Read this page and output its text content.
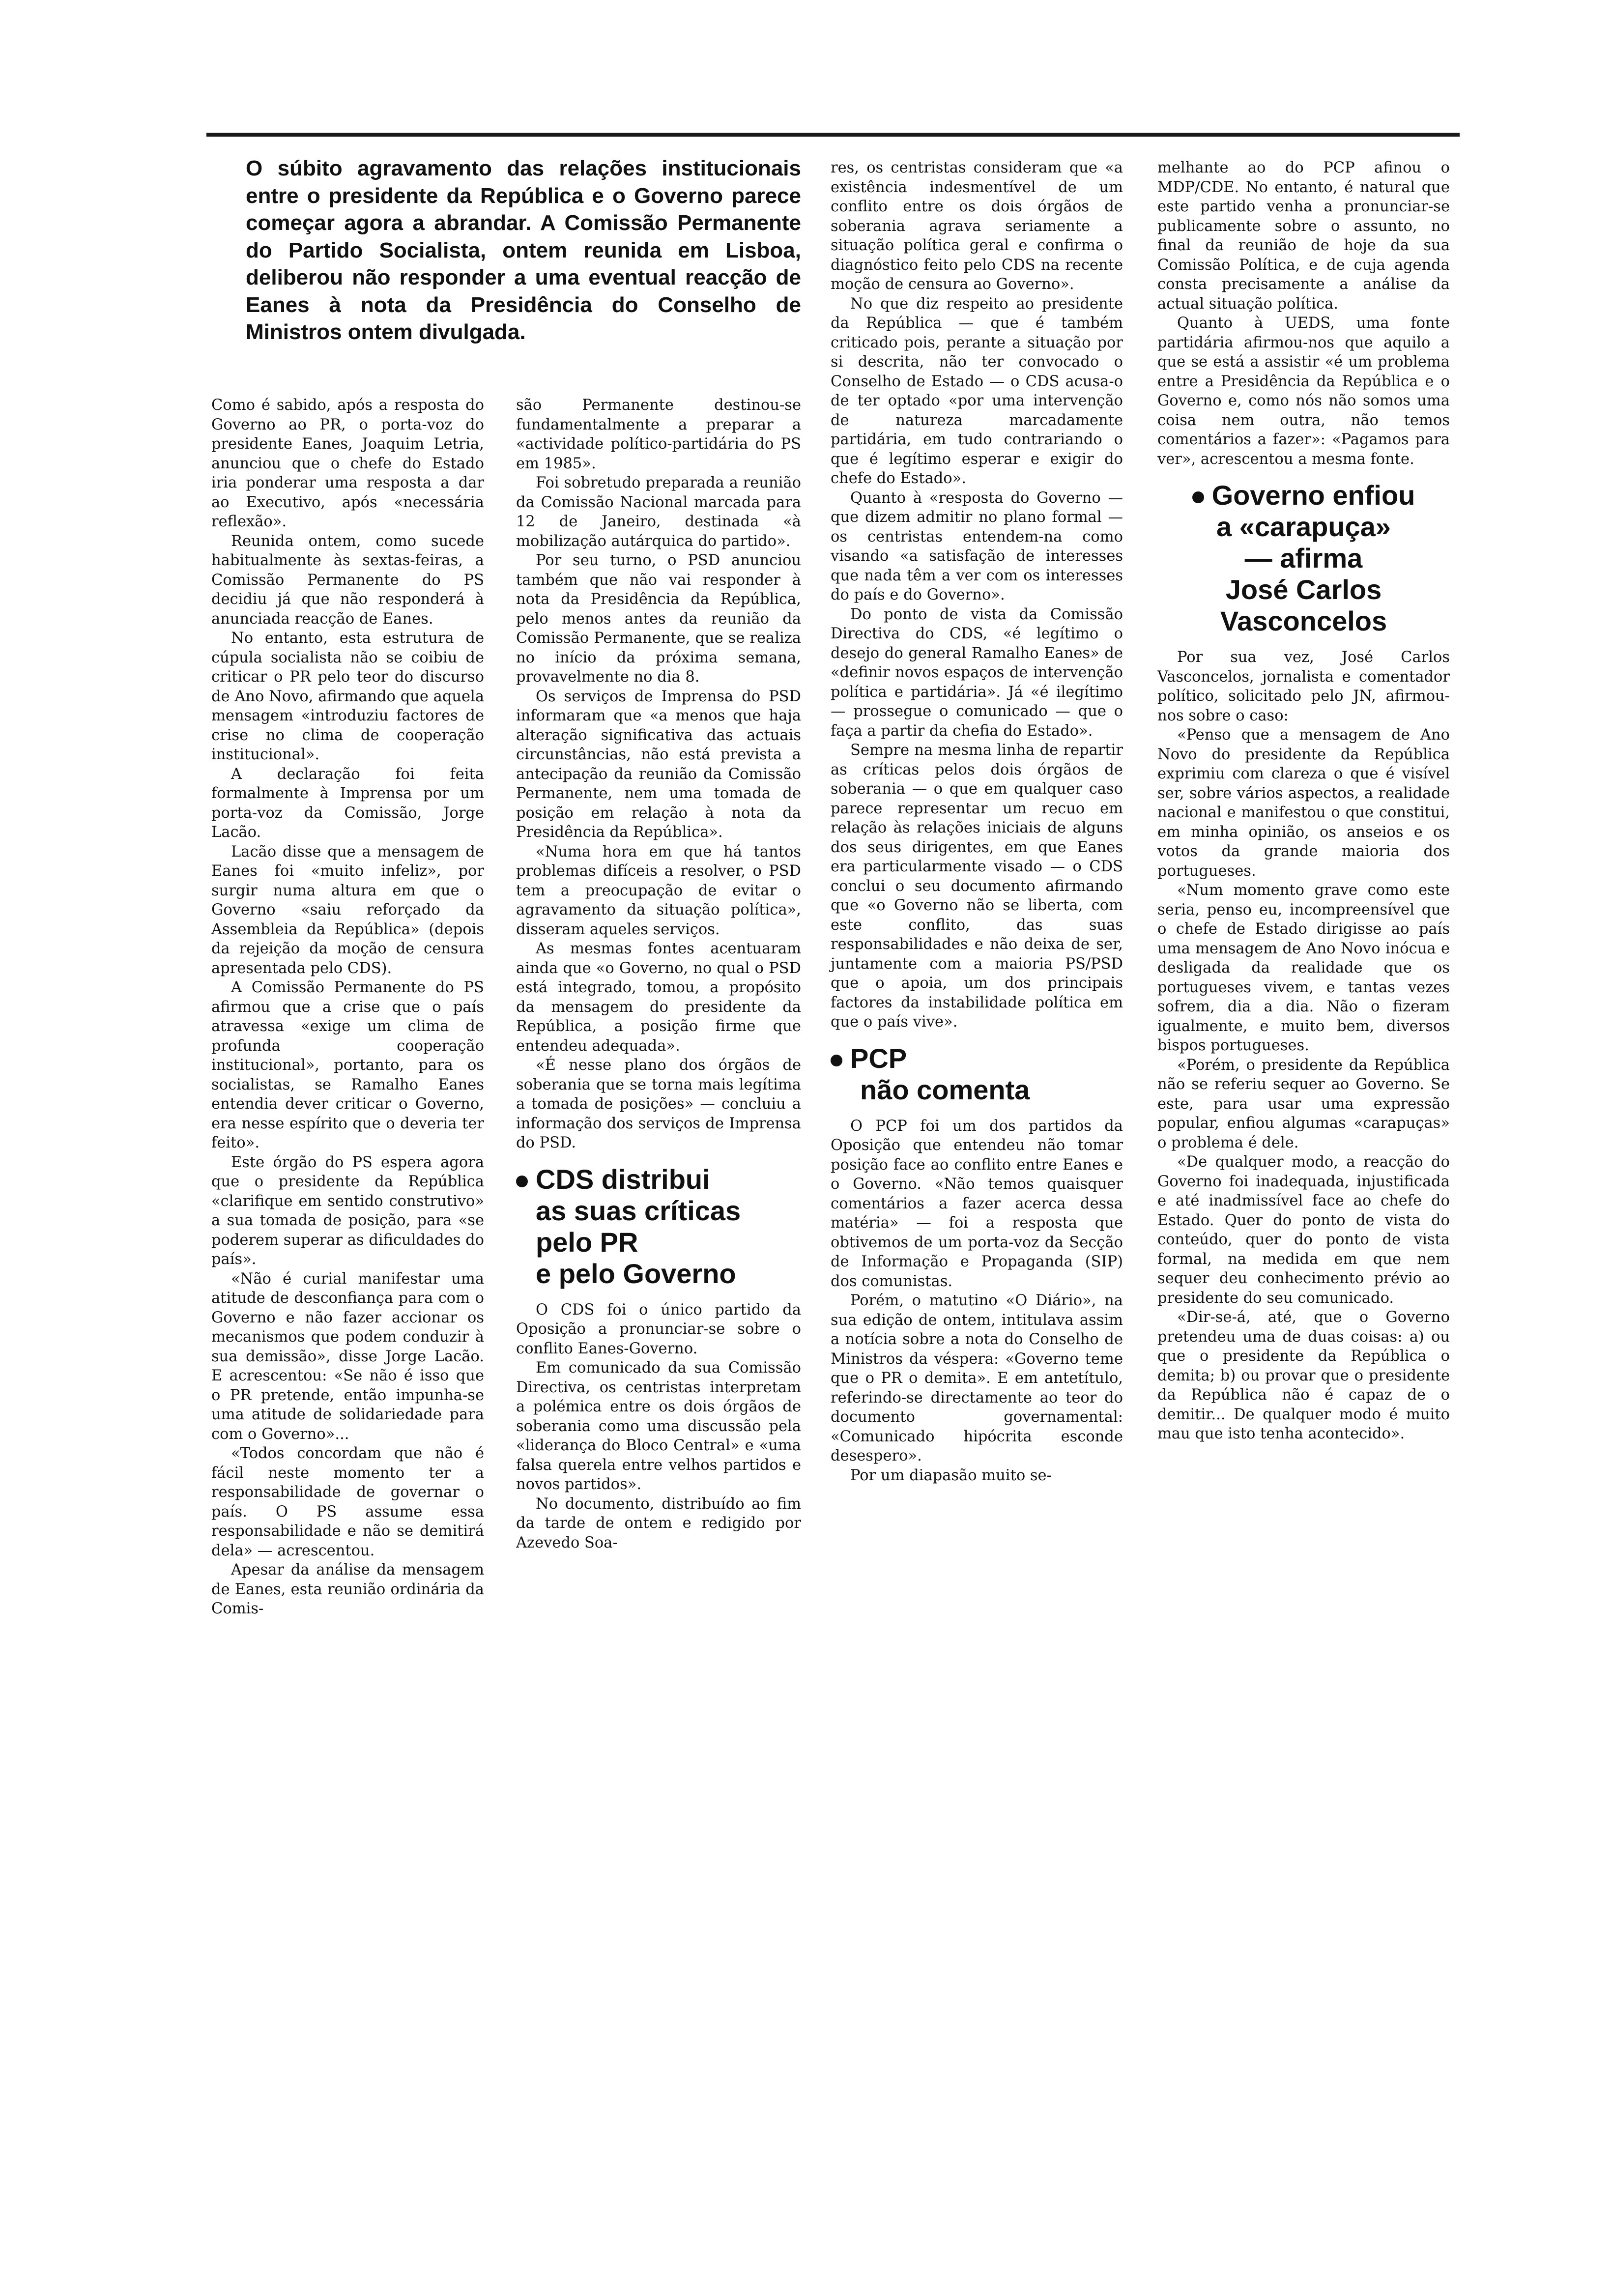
O súbito agravamento das relações institucionais entre o presidente da República e o Governo parece começar agora a abrandar. A Comissão Permanente do Partido Socialista, ontem reunida em Lisboa, deliberou não responder a uma eventual reacção de Eanes à nota da Presidência do Conselho de Ministros ontem divulgada.

Como é sabido, após a resposta do Governo ao PR, o porta-voz do presidente Eanes, Joaquim Letria, anunciou que o chefe do Estado iria ponderar uma resposta a dar ao Executivo, após «necessária reflexão».

Reunida ontem, como sucede habitualmente às sextas-feiras, a Comissão Permanente do PS decidiu já que não responderá à anunciada reacção de Eanes.

No entanto, esta estrutura de cúpula socialista não se coibiu de criticar o PR pelo teor do discurso de Ano Novo, afirmando que aquela mensagem «introduziu factores de crise no clima de cooperação institucional».

A declaração foi feita formalmente à Imprensa por um porta-voz da Comissão, Jorge Lacão.

Lacão disse que a mensagem de Eanes foi «muito infeliz», por surgir numa altura em que o Governo «saiu reforçado da Assembleia da República» (depois da rejeição da moção de censura apresentada pelo CDS).

A Comissão Permanente do PS afirmou que a crise que o país atravessa «exige um clima de profunda cooperação institucional», portanto, para os socialistas, se Ramalho Eanes entendia dever criticar o Governo, era nesse espírito que o deveria ter feito».

Este órgão do PS espera agora que o presidente da República «clarifique em sentido construtivo» a sua tomada de posição, para «se poderem superar as dificuldades do país».

«Não é curial manifestar uma atitude de desconfiança para com o Governo e não fazer accionar os mecanismos que podem conduzir à sua demissão», disse Jorge Lacão. E acrescentou: «Se não é isso que o PR pretende, então impunha-se uma atitude de solidariedade para com o Governo»...

«Todos concordam que não é fácil neste momento ter a responsabilidade de governar o país. O PS assume essa responsabilidade e não se demitirá dela» — acrescentou.

Apesar da análise da mensagem de Eanes, esta reunião ordinária da Comis-

são Permanente destinou-se fundamentalmente a preparar a «actividade político-partidária do PS em 1985».

Foi sobretudo preparada a reunião da Comissão Nacional marcada para 12 de Janeiro, destinada «à mobilização autárquica do partido».

Por seu turno, o PSD anunciou também que não vai responder à nota da Presidência da República, pelo menos antes da reunião da Comissão Permanente, que se realiza no início da próxima semana, provavelmente no dia 8.

Os serviços de Imprensa do PSD informaram que «a menos que haja alteração significativa das actuais circunstâncias, não está prevista a antecipação da reunião da Comissão Permanente, nem uma tomada de posição em relação à nota da Presidência da República».

«Numa hora em que há tantos problemas difíceis a resolver, o PSD tem a preocupação de evitar o agravamento da situação política», disseram aqueles serviços.

As mesmas fontes acentuaram ainda que «o Governo, no qual o PSD está integrado, tomou, a propósito da mensagem do presidente da República, a posição firme que entendeu adequada».

«É nesse plano dos órgãos de soberania que se torna mais legítima a tomada de posições» — concluiu a informação dos serviços de Imprensa do PSD.

CDS distribui
as suas críticas
pelo PR
e pelo Governo

O CDS foi o único partido da Oposição a pronunciar-se sobre o conflito Eanes-Governo.

Em comunicado da sua Comissão Directiva, os centristas interpretam a polémica entre os dois órgãos de soberania como uma discussão pela «liderança do Bloco Central» e «uma falsa querela entre velhos partidos e novos partidos».

No documento, distribuído ao fim da tarde de ontem e redigido por Azevedo Soa-

res, os centristas consideram que «a existência indesmentível de um conflito entre os dois órgãos de soberania agrava seriamente a situação política geral e confirma o diagnóstico feito pelo CDS na recente moção de censura ao Governo».

No que diz respeito ao presidente da República — que é também criticado pois, perante a situação por si descrita, não ter convocado o Conselho de Estado — o CDS acusa-o de ter optado «por uma intervenção de natureza marcadamente partidária, em tudo contrariando o que é legítimo esperar e exigir do chefe do Estado».

Quanto à «resposta do Governo — que dizem admitir no plano formal — os centristas entendem-na como visando «a satisfação de interesses que nada têm a ver com os interesses do país e do Governo».

Do ponto de vista da Comissão Directiva do CDS, «é legítimo o desejo do general Ramalho Eanes» de «definir novos espaços de intervenção política e partidária». Já «é ilegítimo — prossegue o comunicado — que o faça a partir da chefia do Estado».

Sempre na mesma linha de repartir as críticas pelos dois órgãos de soberania — o que em qualquer caso parece representar um recuo em relação às relações iniciais de alguns dos seus dirigentes, em que Eanes era particularmente visado — o CDS conclui o seu documento afirmando que «o Governo não se liberta, com este conflito, das suas responsabilidades e não deixa de ser, juntamente com a maioria PS/PSD que o apoia, um dos principais factores da instabilidade política em que o país vive».

PCP
não comenta

O PCP foi um dos partidos da Oposição que entendeu não tomar posição face ao conflito entre Eanes e o Governo. «Não temos quaisquer comentários a fazer acerca dessa matéria» — foi a resposta que obtivemos de um porta-voz da Secção de Informação e Propaganda (SIP) dos comunistas.

Porém, o matutino «O Diário», na sua edição de ontem, intitulava assim a notícia sobre a nota do Conselho de Ministros da véspera: «Governo teme que o PR o demita». E em antetítulo, referindo-se directamente ao teor do documento governamental: «Comunicado hipócrita esconde desespero».

Por um diapasão muito se-

melhante ao do PCP afinou o MDP/CDE. No entanto, é natural que este partido venha a pronunciar-se publicamente sobre o assunto, no final da reunião de hoje da sua Comissão Política, e de cuja agenda consta precisamente a análise da actual situação política.

Quanto à UEDS, uma fonte partidária afirmou-nos que aquilo a que se está a assistir «é um problema entre a Presidência da República e o Governo e, como nós não somos uma coisa nem outra, não temos comentários a fazer»: «Pagamos para ver», acrescentou a mesma fonte.

Governo enfiou
a «carapuça»
— afirma
José Carlos
Vasconcelos

Por sua vez, José Carlos Vasconcelos, jornalista e comentador político, solicitado pelo JN, afirmou-nos sobre o caso:

«Penso que a mensagem de Ano Novo do presidente da República exprimiu com clareza o que é visível ser, sobre vários aspectos, a realidade nacional e manifestou o que constitui, em minha opinião, os anseios e os votos da grande maioria dos portugueses.

«Num momento grave como este seria, penso eu, incompreensível que o chefe de Estado dirigisse ao país uma mensagem de Ano Novo inócua e desligada da realidade que os portugueses vivem, e tantas vezes sofrem, dia a dia. Não o fizeram igualmente, e muito bem, diversos bispos portugueses.

«Porém, o presidente da República não se referiu sequer ao Governo. Se este, para usar uma expressão popular, enfiou algumas «carapuças» o problema é dele.

«De qualquer modo, a reacção do Governo foi inadequada, injustificada e até inadmissível face ao chefe do Estado. Quer do ponto de vista do conteúdo, quer do ponto de vista formal, na medida em que nem sequer deu conhecimento prévio ao presidente do seu comunicado.

«Dir-se-á, até, que o Governo pretendeu uma de duas coisas: a) ou que o presidente da República o demita; b) ou provar que o presidente da República não é capaz de o demitir... De qualquer modo é muito mau que isto tenha acontecido».
